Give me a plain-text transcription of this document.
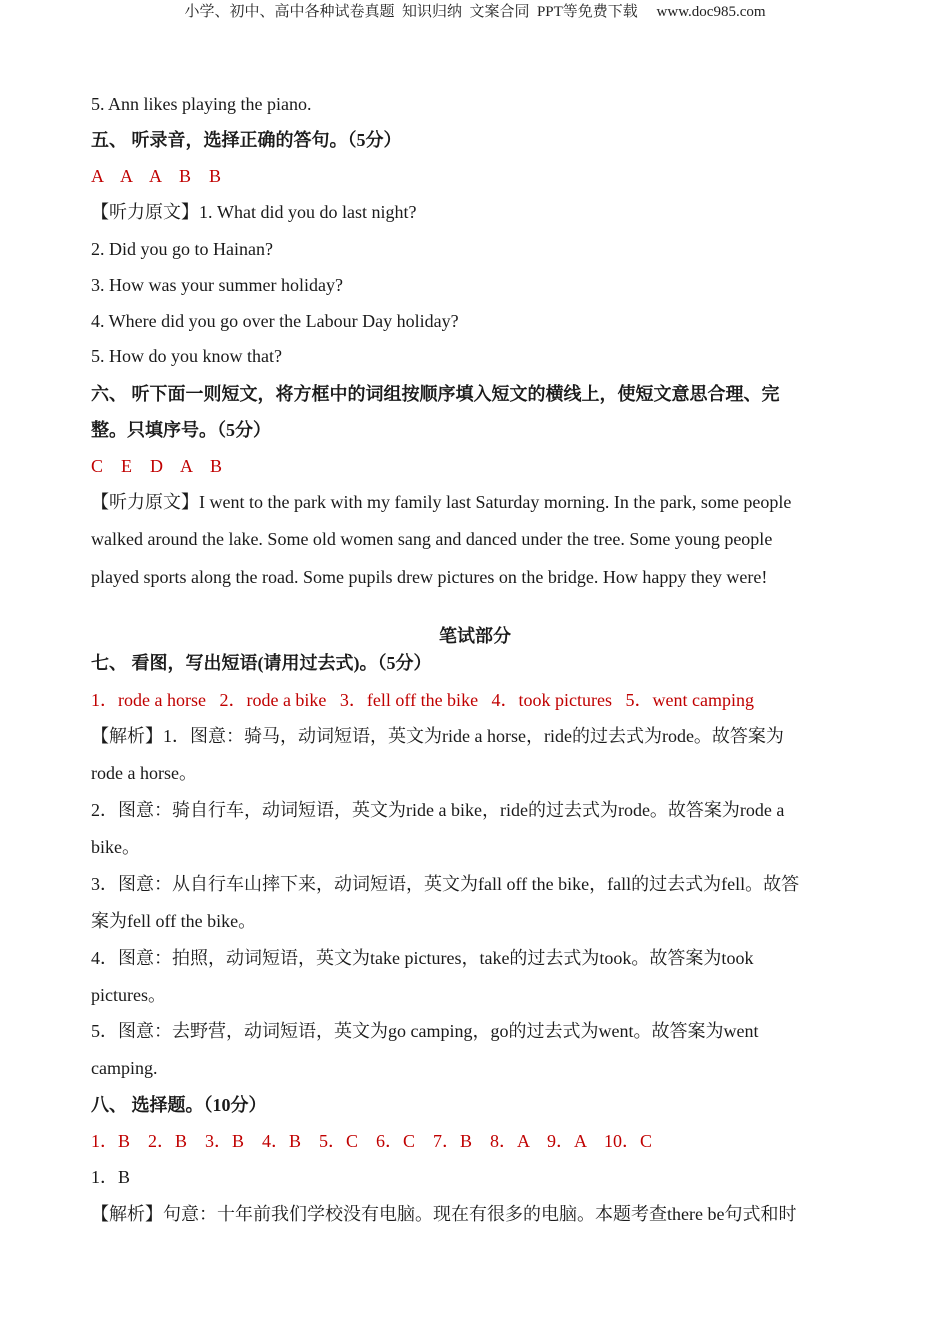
小学、初中、高中各种试卷真题  知识归纳  文案合同  PPT等免费下载     www.doc985.com
5. Ann likes playing the piano.
五、 听录音，选择正确的答句。（5分）
A    A    A    B    B
【听力原文】1. What did you do last night?
2. Did you go to Hainan?
3. How was your summer holiday?
4. Where did you go over the Labour Day holiday?
5. How do you know that?
六、 听下面一则短文，将方框中的词组按顺序填入短文的横线上，使短文意思合理、完
整。只填序号。（5分）
C    E    D    A    B
【听力原文】I went to the park with my family last Saturday morning. In the park, some people
walked around the lake. Some old women sang and danced under the tree. Some young people
played sports along the road. Some pupils drew pictures on the bridge. How happy they were!
笔试部分
七、 看图，写出短语(请用过去式)。（5分）
1．rode a horse   2．rode a bike   3．fell off the bike   4．took pictures   5．went camping
【解析】1．图意：骑马，动词短语，英文为ride a horse，ride的过去式为rode。故答案为
rode a horse。
2．图意：骑自行车，动词短语，英文为ride a bike，ride的过去式为rode。故答案为rode a
bike。
3．图意：从自行车山摔下来，动词短语，英文为fall off the bike，fall的过去式为fell。故答
案为fell off the bike。
4．图意：拍照，动词短语，英文为take pictures，take的过去式为took。故答案为took
pictures。
5．图意：去野营，动词短语，英文为go camping，go的过去式为went。故答案为went
camping.
八、 选择题。（10分）
1．B    2．B    3．B    4．B    5．C    6．C    7．B    8．A    9．A    10．C
1．B
【解析】句意：十年前我们学校没有电脑。现在有很多的电脑。本题考查there be句式和时
